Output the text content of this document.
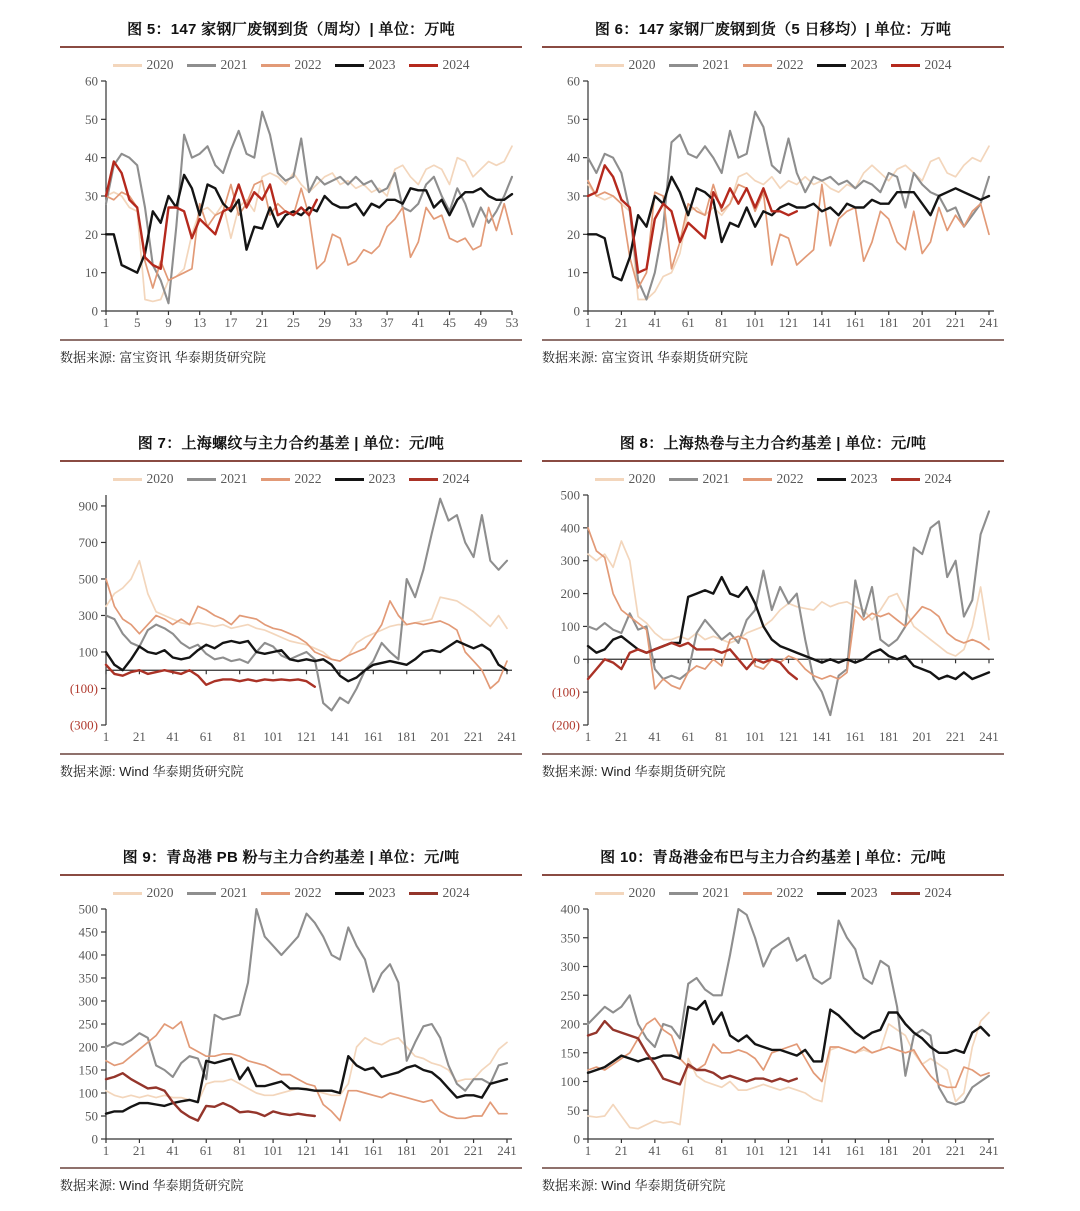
图 5：147 家钢厂废钢到货（周均）| 单位：万吨
2020	2021	2022	2023	2024
0
10
20
30
40
50
60
1 5 9 13 17 21 25 29 33 37 41 45 49 53
数据来源: 富宝资讯 华泰期货研究院
图 6：147 家钢厂废钢到货（5 日移均）| 单位：万吨
2020	2021	2022	2023	2024
0
10
20
30
40
50
60
1 21 41 61 81 101 121 141 161 181 201 221 241
数据来源: 富宝资讯 华泰期货研究院
图 7：上海螺纹与主力合约基差 | 单位：元/吨
2020	2021	2022	2023	2024
(300)
(100)
100
300
500
700
900
1 21 41 61 81 101 121 141 161 181 201 221 241
数据来源: Wind 华泰期货研究院
图 8：上海热卷与主力合约基差 | 单位：元/吨
2020	2021	2022	2023	2024
(200)
(100)
0
100
200
300
400
500
1 21 41 61 81 101 121 141 161 181 201 221 241
数据来源: Wind 华泰期货研究院
图 9：青岛港 PB 粉与主力合约基差 | 单位：元/吨
2020	2021	2022	2023	2024
0
50
100
150
200
250
300
350
400
450
500
1 21 41 61 81 101 121 141 161 181 201 221 241
数据来源: Wind 华泰期货研究院
图 10：青岛港金布巴与主力合约基差 | 单位：元/吨
2020	2021	2022	2023	2024
0
50
100
150
200
250
300
350
400
1 21 41 61 81 101 121 141 161 181 201 221 241
数据来源: Wind 华泰期货研究院
